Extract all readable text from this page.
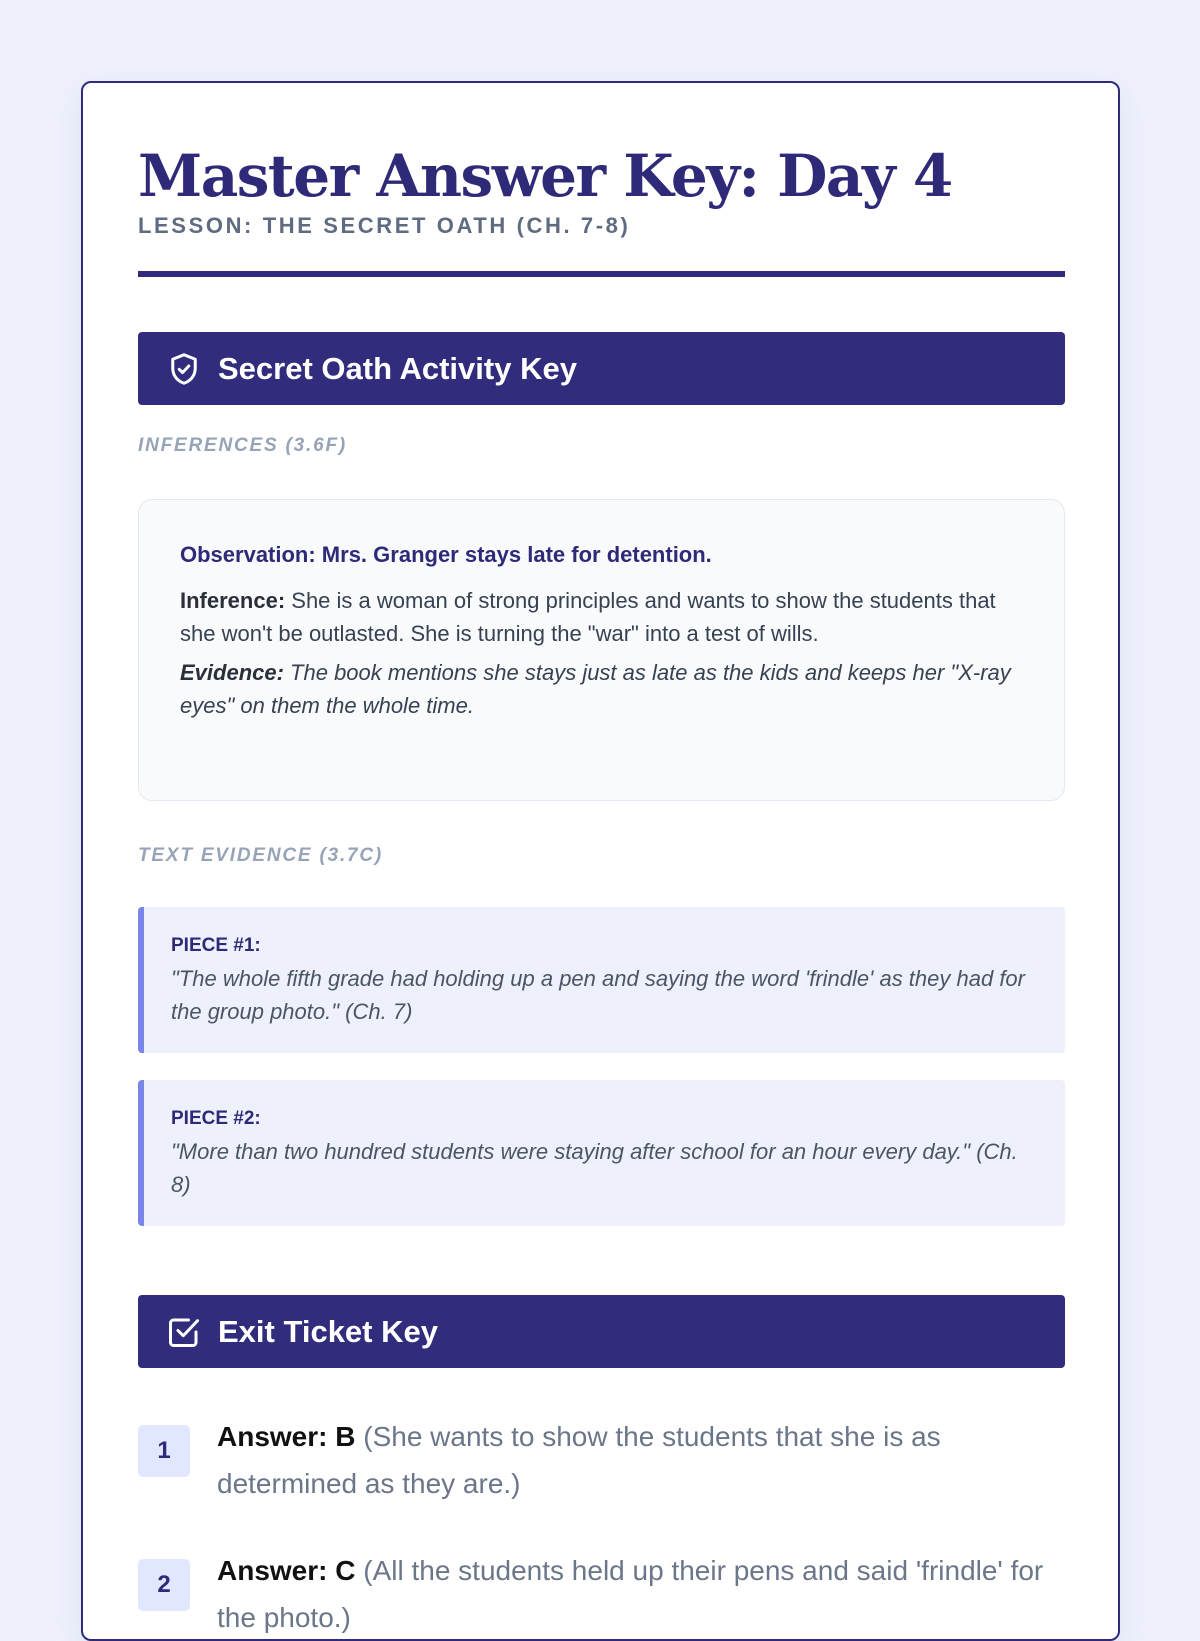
Master Answer Key: Day 4
LESSON: THE SECRET OATH (CH. 7-8)
Secret Oath Activity Key
INFERENCES (3.6F)
Observation: Mrs. Granger stays late for detention.

Inference: She is a woman of strong principles and wants to show the students that she won't be outlasted. She is turning the "war" into a test of wills.

Evidence: The book mentions she stays just as late as the kids and keeps her "X-ray eyes" on them the whole time.

TEXT EVIDENCE (3.7C)
PIECE #1:
"The whole fifth grade had holding up a pen and saying the word 'frindle' as they had for the group photo." (Ch. 7)
PIECE #2:
"More than two hundred students were staying after school for an hour every day." (Ch. 8)
Exit Ticket Key
1	Answer: B (She wants to show the students that she is as determined as they are.)
2	Answer: C (All the students held up their pens and said 'frindle' for the photo.)
